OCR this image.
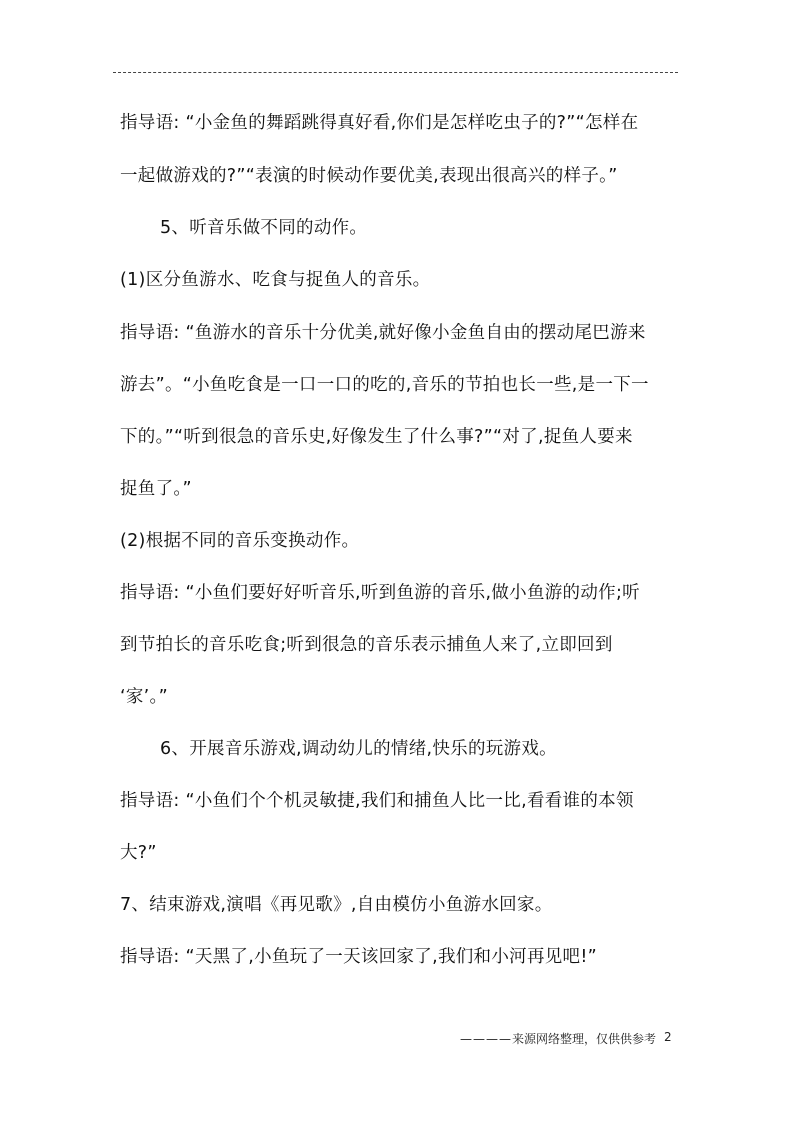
指导语: “小金鱼的舞蹈跳得真好看,你们是怎样吃虫子的?”“怎样在
一起做游戏的?”“表演的时候动作要优美,表现出很高兴的样子。”
5、听音乐做不同的动作。
(1)区分鱼游水、吃食与捉鱼人的音乐。
指导语: “鱼游水的音乐十分优美,就好像小金鱼自由的摆动尾巴游来
游去”。“小鱼吃食是一口一口的吃的,音乐的节拍也长一些,是一下一
下的。”“听到很急的音乐史,好像发生了什么事?”“对了,捉鱼人要来
捉鱼了。”
(2)根据不同的音乐变换动作。
指导语: “小鱼们要好好听音乐,听到鱼游的音乐,做小鱼游的动作;听
到节拍长的音乐吃食;听到很急的音乐表示捕鱼人来了,立即回到
‘家’。”
6、开展音乐游戏,调动幼儿的情绪,快乐的玩游戏。
指导语: “小鱼们个个机灵敏捷,我们和捕鱼人比一比,看看谁的本领
大?”
7、结束游戏,演唱《再见歌》,自由模仿小鱼游水回家。
指导语: “天黑了,小鱼玩了一天该回家了,我们和小河再见吧!”
————来源网络整理，仅供供参考 2
